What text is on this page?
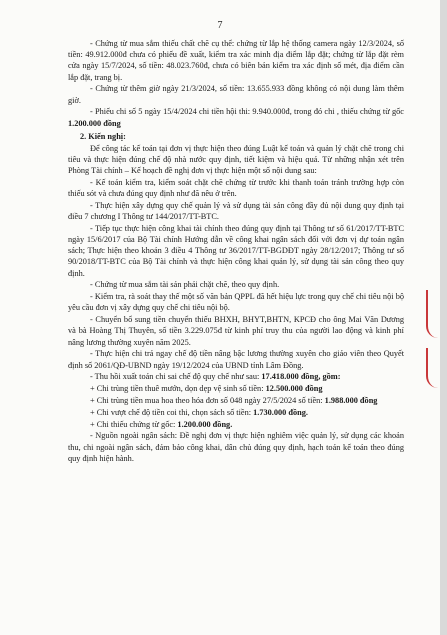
7

- Chứng từ mua sắm thiếu chất chẽ cụ thể: chứng từ lắp hệ thống camera ngày 12/3/2024, số tiền: 49.912.000đ chưa có phiếu đề xuất, kiểm tra xác minh địa điểm lắp đặt; chứng từ lắp đặt rèm cửa ngày 15/7/2024, số tiền: 48.023.760đ, chưa có biên bản kiểm tra xác định số mét, địa điểm cần lắp đặt, trang bị.

- Chứng từ thêm giờ ngày 21/3/2024, số tiền: 13.655.933 đồng không có nội dung làm thêm giờ.

- Phiếu chi số 5 ngày 15/4/2024 chi tiền hội thi: 9.940.000đ, trong đó chi , thiếu chứng từ gốc 1.200.000 đồng

2. Kiến nghị:

Để công tác kế toán tại đơn vị thực hiện theo đúng Luật kế toán và quản lý chặt chẽ trong chi tiêu và thực hiện đúng chế độ nhà nước quy định, tiết kiệm và hiệu quả. Từ những nhận xét trên Phòng Tài chính – Kế hoạch đề nghị đơn vị thực hiện một số nội dung sau:

- Kế toán kiểm tra, kiểm soát chặt chẽ chứng từ trước khi thanh toán tránh trường hợp còn thiếu sót và chưa đúng quy định như đã nêu ở trên.

- Thực hiện xây dựng quy chế quản lý và sử dụng tài sản công đầy đủ nội dung quy định tại điều 7 chương I Thông tư 144/2017/TT-BTC.

- Tiếp tục thực hiện công khai tài chính theo đúng quy định tại Thông tư số 61/2017/TT-BTC ngày 15/6/2017 của Bộ Tài chính Hướng dẫn về công khai ngân sách đối với đơn vị dự toán ngân sách; Thực hiện theo khoản 3 điều 4 Thông tư 36/2017/TT-BGDĐT ngày 28/12/2017; Thông tư số 90/2018/TT-BTC của Bộ Tài chính và thực hiện công khai quản lý, sử dụng tài sản công theo quy định.

- Chứng từ mua sắm tài sản phải chặt chẽ, theo quy định.

- Kiểm tra, rà soát thay thế một số văn bản QPPL đã hết hiệu lực trong quy chế chi tiêu nội bộ yêu cầu đơn vị xây dựng quy chế chi tiêu nội bộ.

- Chuyển bổ sung tiền chuyển thiếu BHXH, BHYT,BHTN, KPCĐ cho ông Mai Văn Dương và bà Hoàng Thị Thuyên, số tiền 3.229.075đ từ kinh phí truy thu của người lao động và kinh phí nâng lương thường xuyên năm 2025.

- Thực hiện chi trả ngay chế độ tiền nâng bậc lương thường xuyên cho giáo viên theo Quyết định số 2061/QĐ-UBND ngày 19/12/2024 của UBND tỉnh Lâm Đồng.

- Thu hồi xuất toán chi sai chế độ quy chế như sau: 17.418.000 đồng, gồm:

+ Chi trùng tiền thuê mướn, dọn dẹp vệ sinh số tiền: 12.500.000 đồng

+ Chi trùng tiền mua hoa theo hóa đơn số 048 ngày 27/5/2024 số tiền: 1.988.000 đồng

+ Chi vượt chế độ tiền coi thi, chọn sách số tiền: 1.730.000 đồng.

+ Chi thiếu chứng từ gốc: 1.200.000 đồng.

- Nguồn ngoài ngân sách: Đề nghị đơn vị thực hiện nghiêm việc quản lý, sử dụng các khoản thu, chi ngoài ngân sách, đảm bảo công khai, dân chủ đúng quy định, hạch toán kế toán theo đúng quy định hiện hành.
